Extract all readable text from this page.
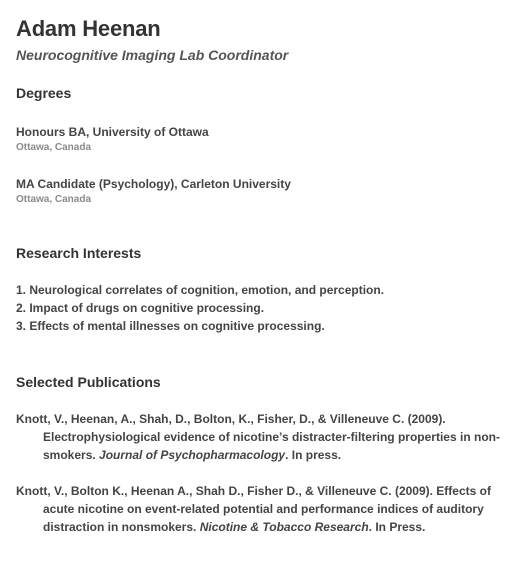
Adam Heenan
Neurocognitive Imaging Lab Coordinator
Degrees
Honours BA, University of Ottawa
Ottawa, Canada
MA Candidate (Psychology), Carleton University
Ottawa, Canada
Research Interests
1. Neurological correlates of cognition, emotion, and perception.
2. Impact of drugs on cognitive processing.
3. Effects of mental illnesses on cognitive processing.
Selected Publications
Knott, V., Heenan, A., Shah, D., Bolton, K., Fisher, D., & Villeneuve C. (2009). Electrophysiological evidence of nicotine’s distracter-filtering properties in non-smokers. Journal of Psychopharmacology. In press.
Knott, V., Bolton K., Heenan A., Shah D., Fisher D., & Villeneuve C. (2009). Effects of acute nicotine on event-related potential and performance indices of auditory distraction in nonsmokers. Nicotine & Tobacco Research. In Press.
